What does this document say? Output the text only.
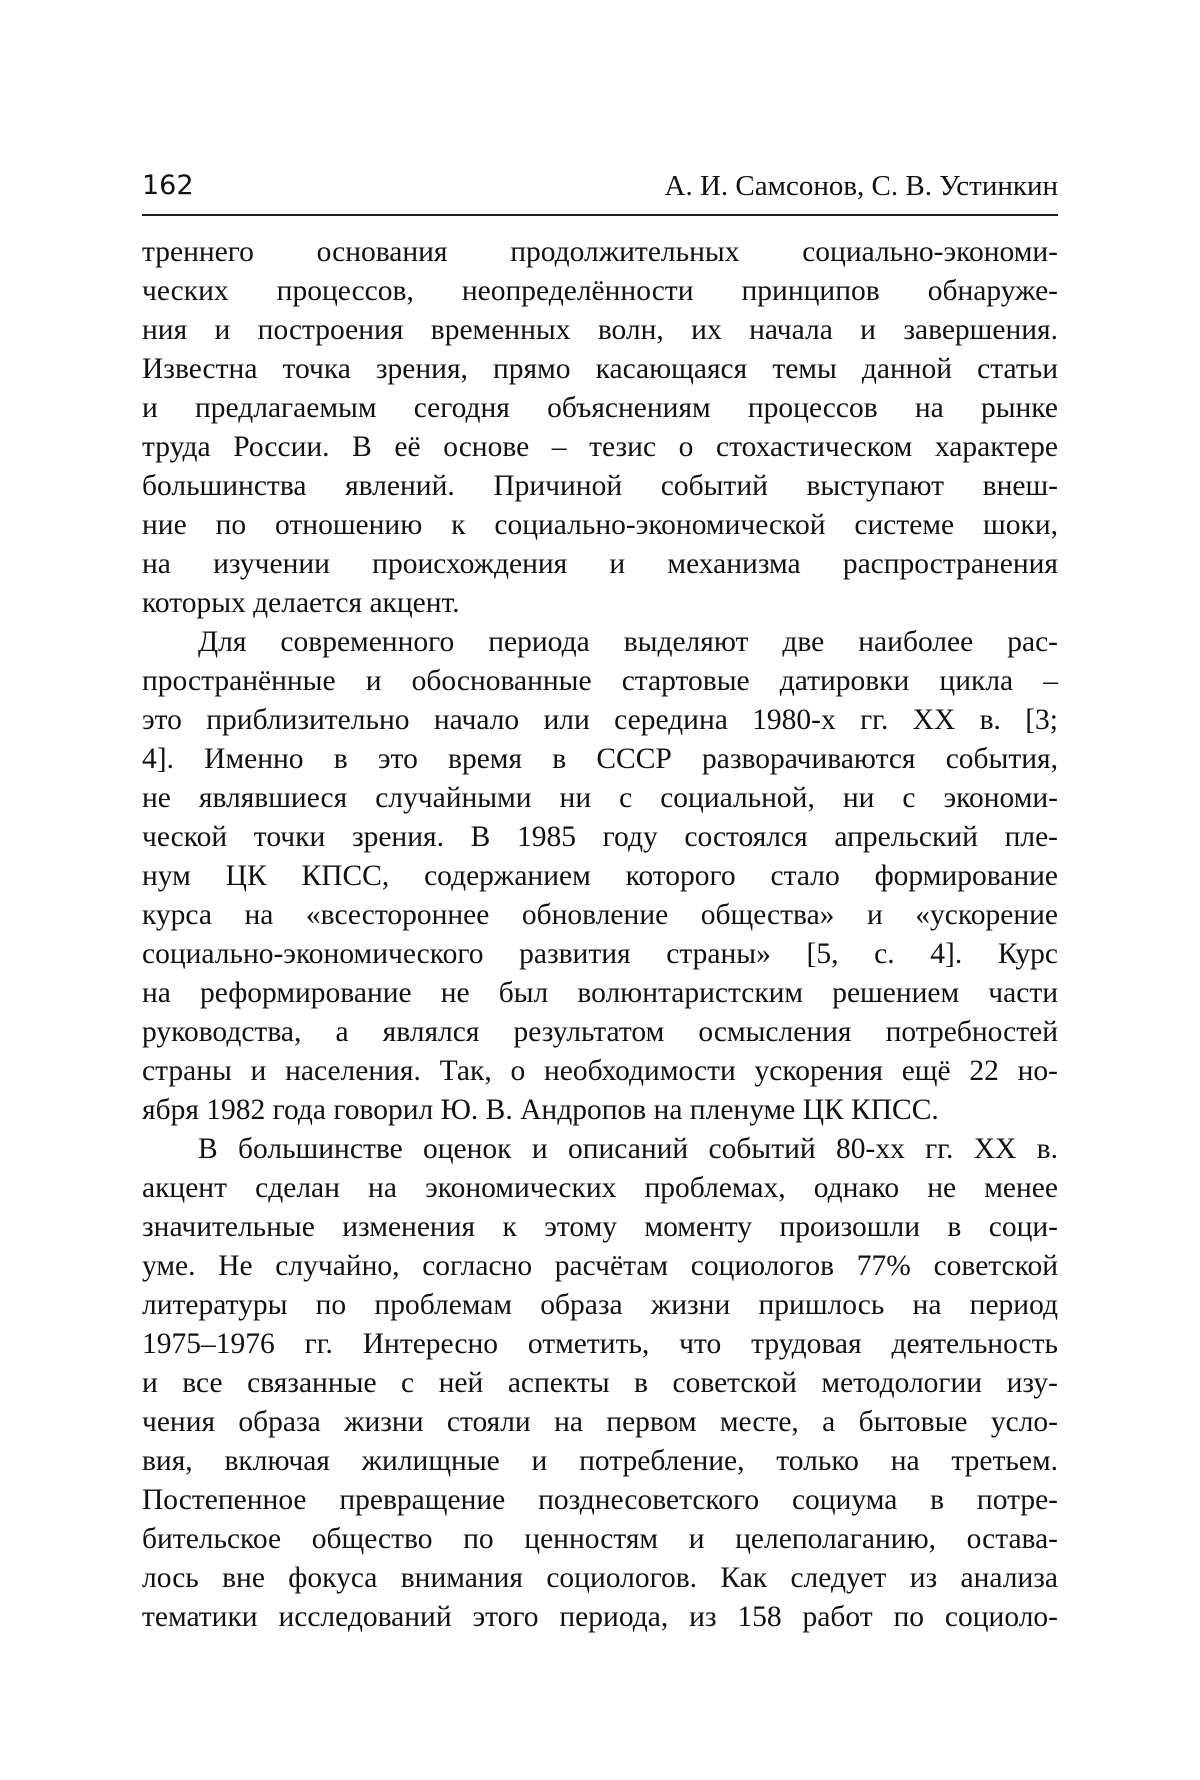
162	А. И. Самсонов, С. В. Устинкин
треннего основания продолжительных социально-экономи-
ческих процессов, неопределённости принципов обнаруже-
ния и построения временных волн, их начала и завершения.
Известна точка зрения, прямо касающаяся темы данной статьи
и предлагаемым сегодня объяснениям процессов на рынке
труда России. В её основе – тезис о стохастическом характере
большинства явлений. Причиной событий выступают внеш-
ние по отношению к социально-экономической системе шоки,
на изучении происхождения и механизма распространения
которых делается акцент.
Для современного периода выделяют две наиболее рас-
пространённые и обоснованные стартовые датировки цикла –
это приблизительно начало или середина 1980-х гг. XX в. [3;
4]. Именно в это время в СССР разворачиваются события,
не являвшиеся случайными ни с социальной, ни с экономи-
ческой точки зрения. В 1985 году состоялся апрельский пле-
нум ЦК КПСС, содержанием которого стало формирование
курса на «всестороннее обновление общества» и «ускорение
социально-экономического развития страны» [5, с. 4]. Курс
на реформирование не был волюнтаристским решением части
руководства, а являлся результатом осмысления потребностей
страны и населения. Так, о необходимости ускорения ещё 22 но-
ября 1982 года говорил Ю. В. Андропов на пленуме ЦК КПСС.
В большинстве оценок и описаний событий 80-хх гг. XX в.
акцент сделан на экономических проблемах, однако не менее
значительные изменения к этому моменту произошли в соци-
уме. Не случайно, согласно расчётам социологов 77% советской
литературы по проблемам образа жизни пришлось на период
1975–1976 гг. Интересно отметить, что трудовая деятельность
и все связанные с ней аспекты в советской методологии изу-
чения образа жизни стояли на первом месте, а бытовые усло-
вия, включая жилищные и потребление, только на третьем.
Постепенное превращение позднесоветского социума в потре-
бительское общество по ценностям и целеполаганию, остава-
лось вне фокуса внимания социологов. Как следует из анализа
тематики исследований этого периода, из 158 работ по социоло-
